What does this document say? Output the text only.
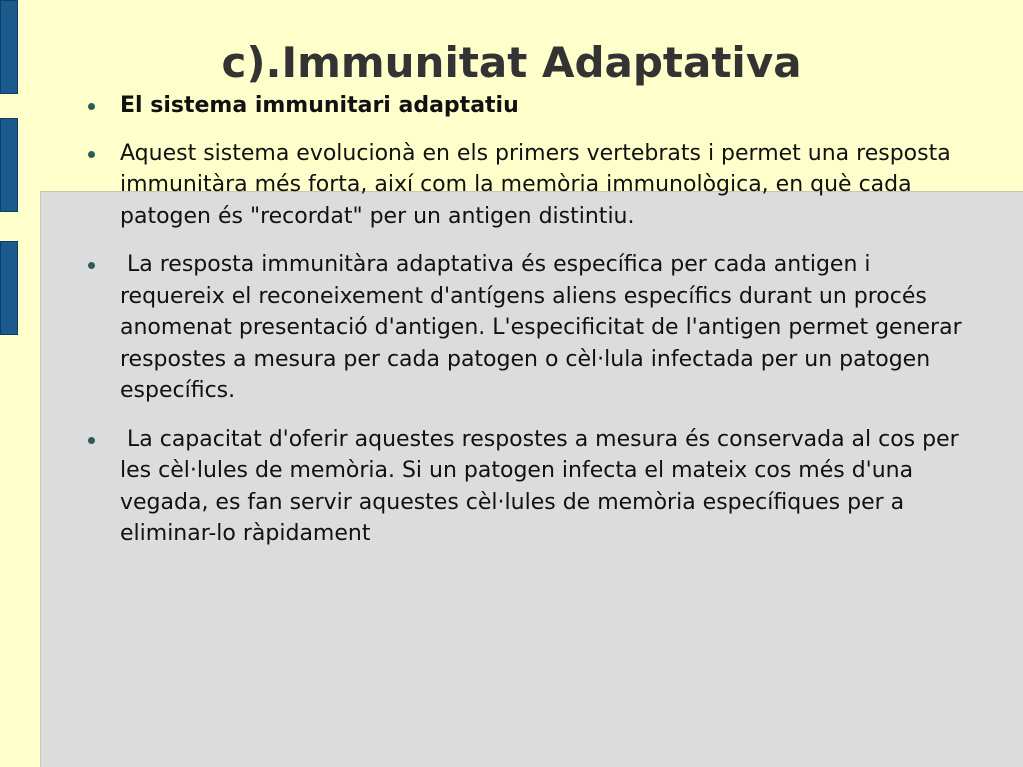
c).Immunitat Adaptativa
El sistema immunitari adaptatiu
Aquest sistema evolucionà en els primers vertebrats i permet una resposta immunitàra més forta, així com la memòria immunològica, en què cada patogen és "recordat" per un antigen distintiu.
La resposta immunitàra adaptativa és específica per cada antigen i requereix el reconeixement d'antígens aliens específics durant un procés anomenat presentació d'antigen. L'especificitat de l'antigen permet generar respostes a mesura per cada patogen o cèl·lula infectada per un patogen específics.
La capacitat d'oferir aquestes respostes a mesura és conservada al cos per les cèl·lules de memòria. Si un patogen infecta el mateix cos més d'una vegada, es fan servir aquestes cèl·lules de memòria específiques per a eliminar-lo ràpidament
